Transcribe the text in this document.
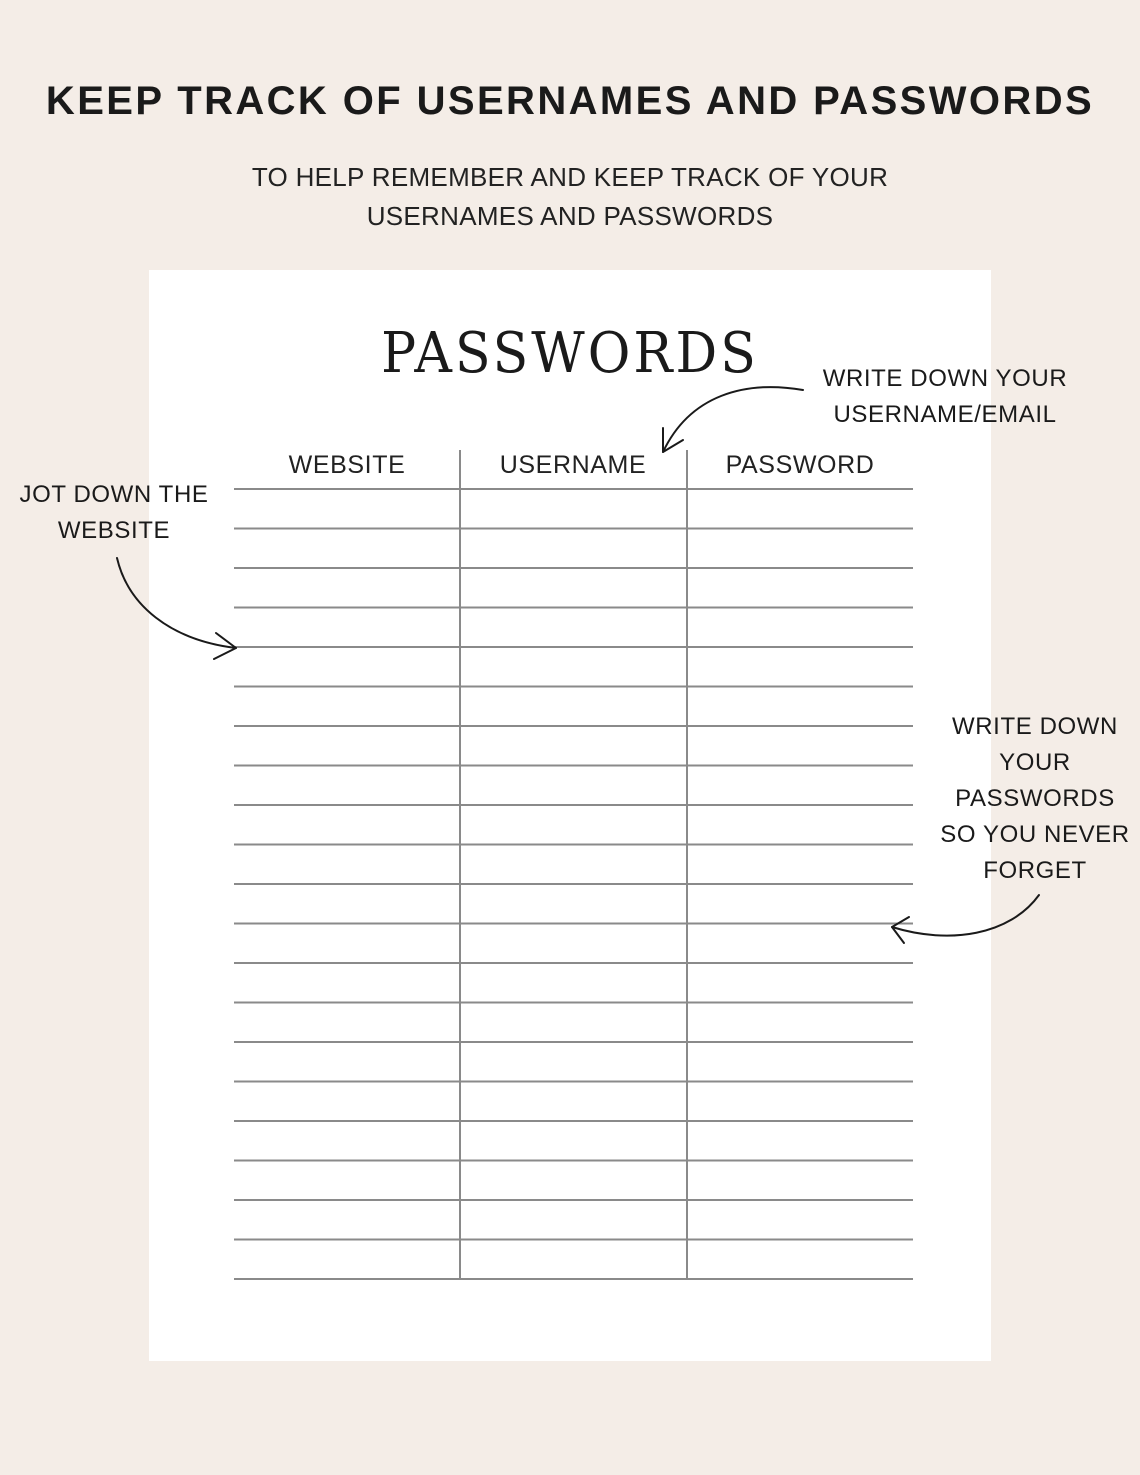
KEEP TRACK OF USERNAMES AND PASSWORDS
TO HELP REMEMBER AND KEEP TRACK OF YOUR
USERNAMES AND PASSWORDS
PASSWORDS
WEBSITE	USERNAME	PASSWORD
WRITE DOWN YOUR
USERNAME/EMAIL
JOT DOWN THE
WEBSITE
WRITE DOWN
YOUR
PASSWORDS
SO YOU NEVER
FORGET
